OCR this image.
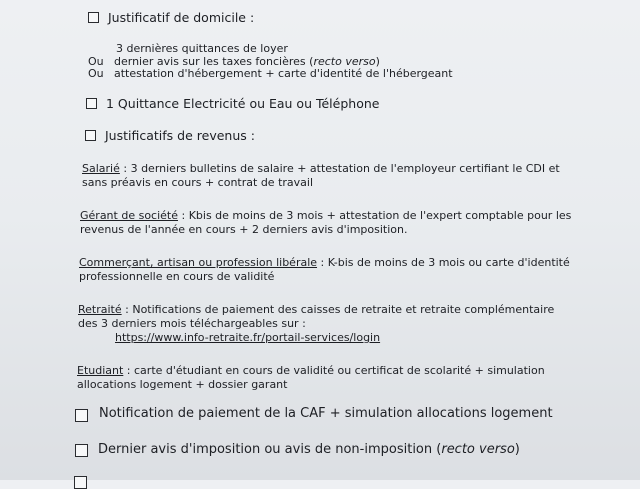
Justificatif de domicile :
3 dernières quittances de loyer
Ou dernier avis sur les taxes foncières (recto verso)
Ou attestation d'hébergement + carte d'identité de l'hébergeant
1 Quittance Electricité ou Eau ou Téléphone
Justificatifs de revenus :
Salarié : 3 derniers bulletins de salaire + attestation de l'employeur certifiant le CDI et
sans préavis en cours + contrat de travail
Gérant de société : Kbis de moins de 3 mois + attestation de l'expert comptable pour les
revenus de l'année en cours + 2 derniers avis d'imposition.
Commerçant, artisan ou profession libérale : K-bis de moins de 3 mois ou carte d'identité
professionnelle en cours de validité
Retraité : Notifications de paiement des caisses de retraite et retraite complémentaire
des 3 derniers mois téléchargeables sur :
https://www.info-retraite.fr/portail-services/login
Etudiant : carte d'étudiant en cours de validité ou certificat de scolarité + simulation
allocations logement + dossier garant
Notification de paiement de la CAF + simulation allocations logement
Dernier avis d'imposition ou avis de non-imposition (recto verso)
